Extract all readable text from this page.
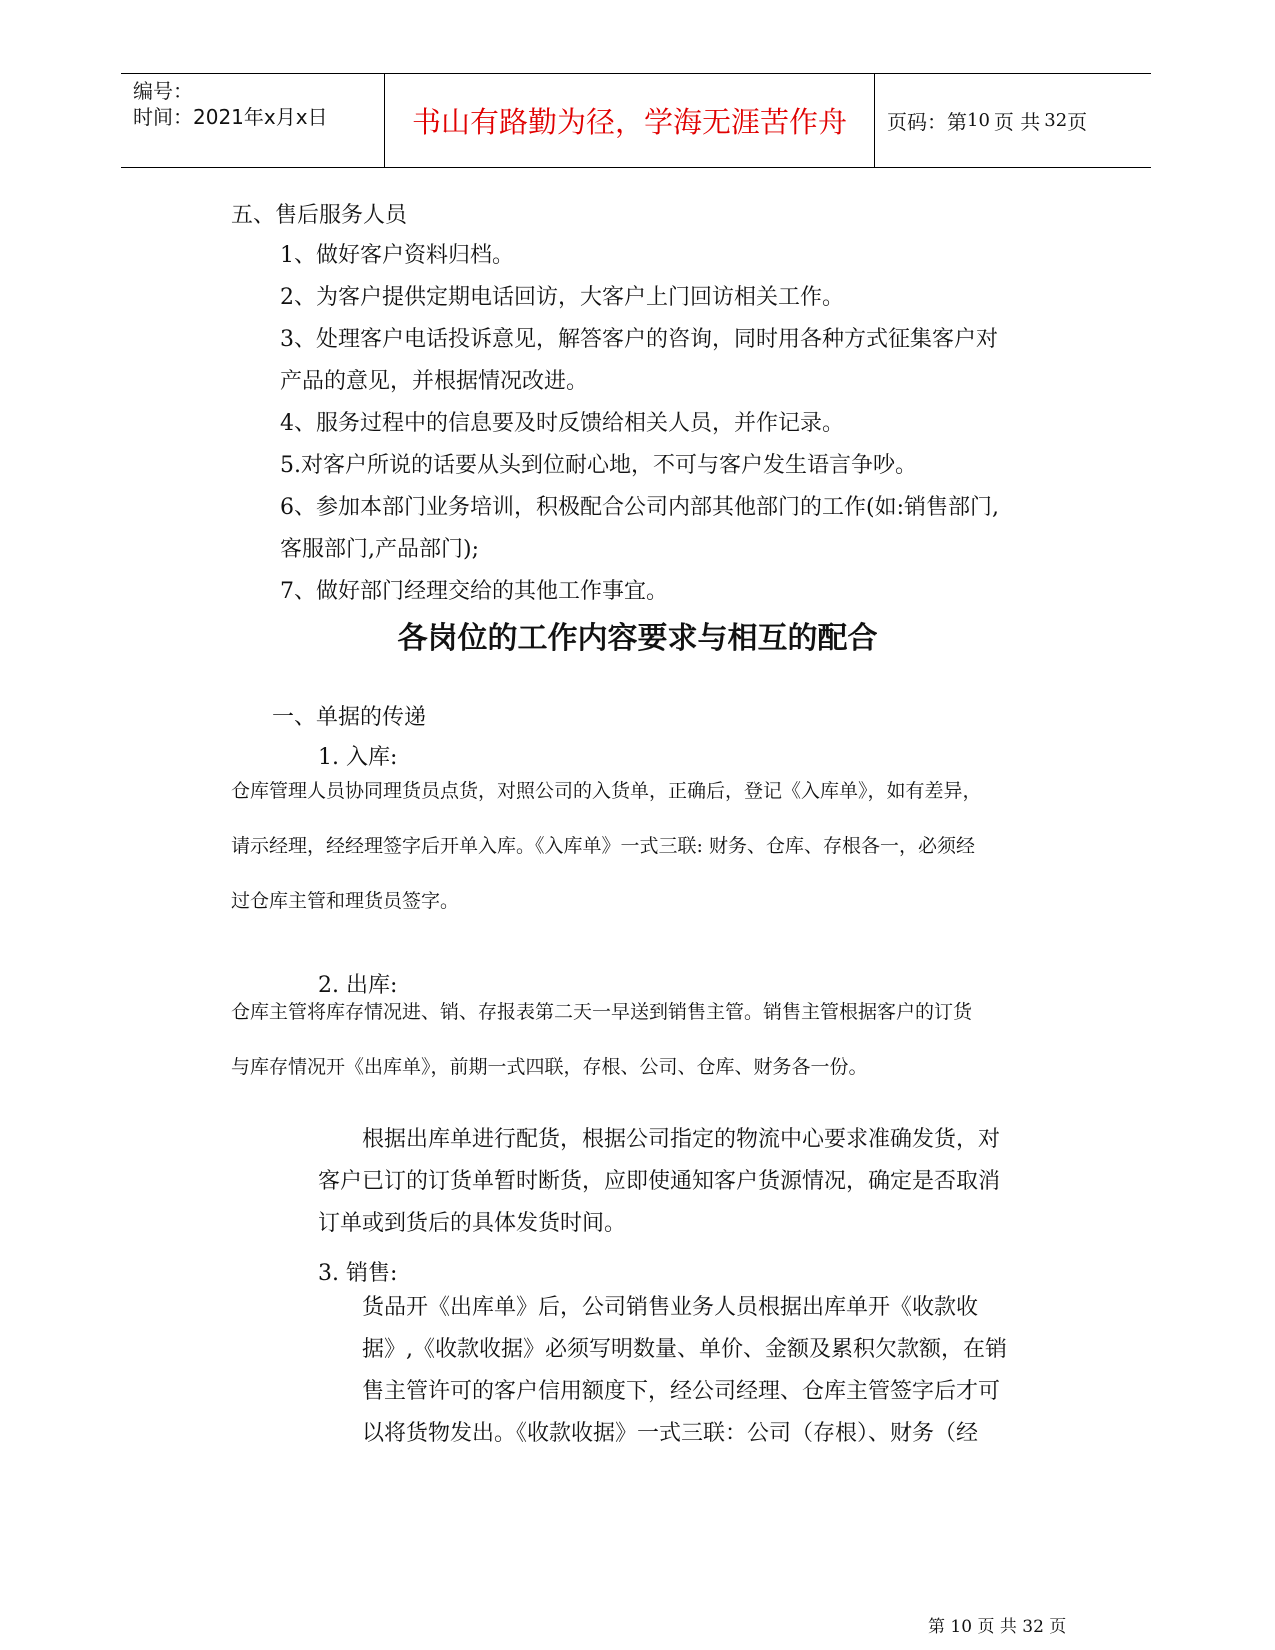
编号：
时间：2021年x月x日	书山有路勤为径，学海无涯苦作舟	页码：第 10 页 共 32 页
五、售后服务人员
1、做好客户资料归档。
2、为客户提供定期电话回访，大客户上门回访相关工作。
3、处理客户电话投诉意见，解答客户的咨询，同时用各种方式征集客户对
产品的意见，并根据情况改进。
4、服务过程中的信息要及时反馈给相关人员，并作记录。
5.对客户所说的话要从头到位耐心地，不可与客户发生语言争吵。
6、参加本部门业务培训，积极配合公司内部其他部门的工作(如:销售部门,
客服部门,产品部门);
7、做好部门经理交给的其他工作事宜。
各岗位的工作内容要求与相互的配合
一、单据的传递
1. 入库:
仓库管理人员协同理货员点货，对照公司的入货单，正确后，登记《入库单》，如有差异，
请示经理，经经理签字后开单入库。《入库单》一式三联: 财务、仓库、存根各一，必须经
过仓库主管和理货员签字。
2. 出库:
仓库主管将库存情况进、销、存报表第二天一早送到销售主管。销售主管根据客户的订货
与库存情况开《出库单》，前期一式四联，存根、公司、仓库、财务各一份。
根据出库单进行配货，根据公司指定的物流中心要求准确发货，对
客户已订的订货单暂时断货，应即使通知客户货源情况，确定是否取消
订单或到货后的具体发货时间。
3. 销售:
货品开《出库单》后，公司销售业务人员根据出库单开《收款收
据》,《收款收据》必须写明数量、单价、金额及累积欠款额，在销
售主管许可的客户信用额度下，经公司经理、仓库主管签字后才可
以将货物发出。《收款收据》一式三联：公司（存根）、财务（经
第 10 页 共 32 页
